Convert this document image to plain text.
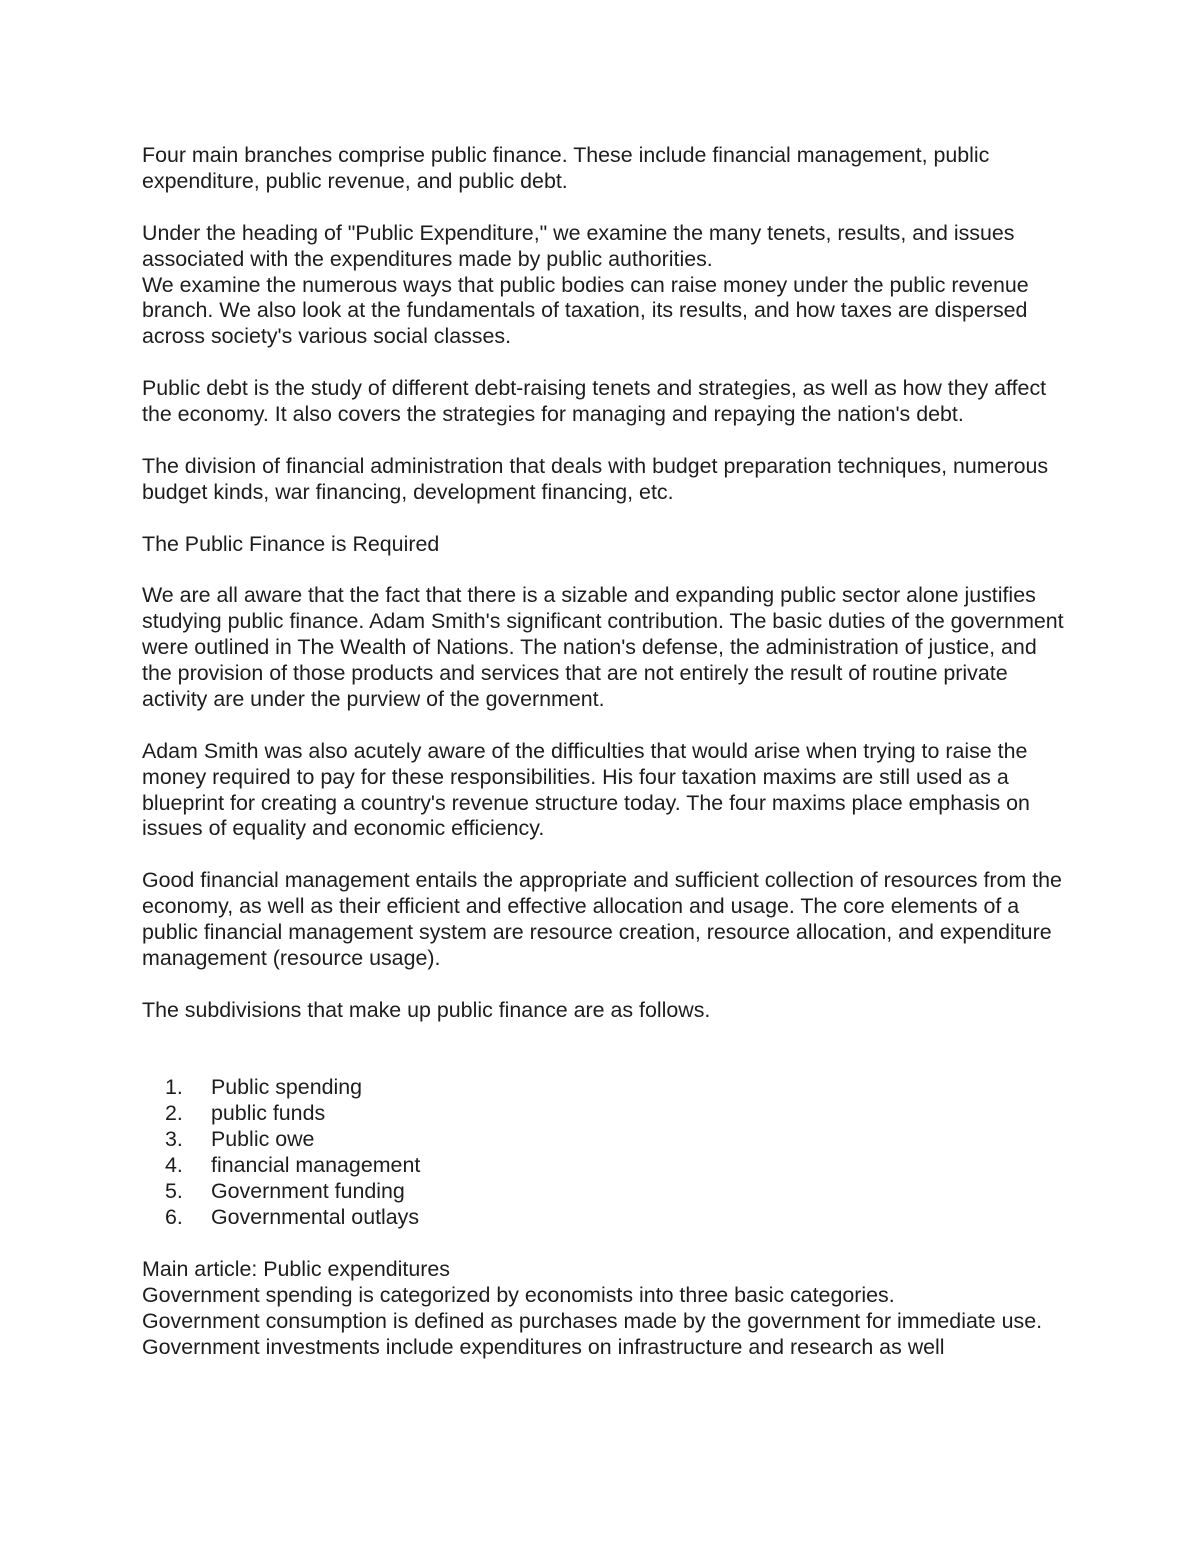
Four main branches comprise public finance. These include financial management, public expenditure, public revenue, and public debt.

Under the heading of "Public Expenditure," we examine the many tenets, results, and issues associated with the expenditures made by public authorities.

We examine the numerous ways that public bodies can raise money under the public revenue branch. We also look at the fundamentals of taxation, its results, and how taxes are dispersed across society's various social classes.

Public debt is the study of different debt-raising tenets and strategies, as well as how they affect the economy. It also covers the strategies for managing and repaying the nation's debt.

The division of financial administration that deals with budget preparation techniques, numerous budget kinds, war financing, development financing, etc.

The Public Finance is Required

We are all aware that the fact that there is a sizable and expanding public sector alone justifies studying public finance. Adam Smith's significant contribution. The basic duties of the government were outlined in The Wealth of Nations. The nation's defense, the administration of justice, and the provision of those products and services that are not entirely the result of routine private activity are under the purview of the government.

Adam Smith was also acutely aware of the difficulties that would arise when trying to raise the money required to pay for these responsibilities. His four taxation maxims are still used as a blueprint for creating a country's revenue structure today. The four maxims place emphasis on issues of equality and economic efficiency.

Good financial management entails the appropriate and sufficient collection of resources from the economy, as well as their efficient and effective allocation and usage. The core elements of a public financial management system are resource creation, resource allocation, and expenditure management (resource usage).

The subdivisions that make up public finance are as follows.

1.	Public spending
2.	public funds
3.	Public owe
4.	financial management
5.	Government funding
6.	Governmental outlays

Main article: Public expenditures

Government spending is categorized by economists into three basic categories.

Government consumption is defined as purchases made by the government for immediate use. Government investments include expenditures on infrastructure and research as well
